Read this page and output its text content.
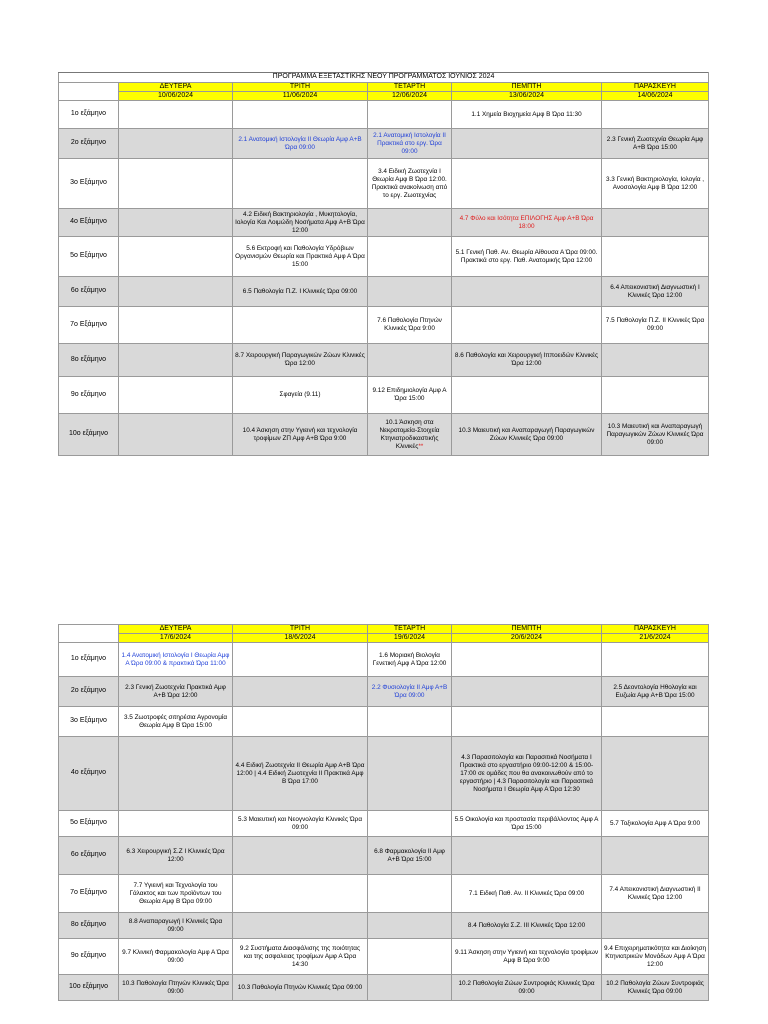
ΠΡΟΓΡΑΜΜΑ ΕΞΕΤΑΣΤΙΚΗΣ ΝΕΟΥ ΠΡΟΓΡΑΜΜΑΤΟΣ ΙΟΥΝΙΟΣ 2024					
	ΔΕΥΤΕΡΑ	ΤΡΙΤΗ	ΤΕΤΑΡΤΗ	ΠΕΜΠΤΗ	ΠΑΡΑΣΚΕΥΗ
	10/06/2024	11/06/2024	12/06/2024	13/06/2024	14/06/2024
1ο εξάμηνο				1.1 Χημεία Βιοχημεία Αμφ Β Ώρα 11:30	
2ο εξάμηνο		2.1 Ανατομική Ιστολογία ΙΙ Θεωρία Αμφ Α+Β Ώρα 09:00	2.1 Ανατομική Ιστολογία ΙΙ Πρακτικά στο εργ. Ώρα 09:00		2.3 Γενική Ζωοτεχνία Θεωρία Αμφ Α+Β Ώρα 15:00
3ο Εξάμηνο			3.4 Ειδική Ζωοτεχνία Ι Θεωρία Αμφ Β Ώρα 12:00. Πρακτικά ανακοίνωση από το εργ. Ζωοτεχνίας		3.3 Γενική Βακτηριολογία, Ιολογία , Ανοσολογία Αμφ Β Ώρα 12:00
4ο Εξάμηνο		4.2 Ειδική Βακτηριολογία , Μυκητολογία, Ιολογία Και Λοιμώδη Νοσήματα Αμφ Α+Β Ώρα 12:00		4.7 Φύλο και Ισότητα ΕΠΙΛΟΓΗΣ Αμφ Α+Β Ώρα 18:00	
5ο Εξάμηνο		5.6 Εκτροφή και Παθολογία Υδρόβιων Οργανισμών Θεωρία και Πρακτικά Αμφ Α Ώρα 15:00		5.1 Γενική Παθ. Αν. Θεωρία Αίθουσα Α Ώρα 09:00. Πρακτικά στο εργ. Παθ. Ανατομικής Ώρα 12:00	
6ο εξάμηνο		6.5 Παθολογία Π.Ζ. Ι Κλινικές Ώρα 09:00			6.4 Απεικονιστική Διαγνωστική Ι Κλινικές Ώρα 12:00
7ο Εξάμηνο			7.6 Παθολογία Πτηνών Κλινικές Ώρα 9:00		7.5 Παθολογία Π.Ζ. ΙΙ Κλινικές Ώρα 09:00
8ο εξάμηνο		8.7 Χειρουργική Παραγωγικών Ζώων Κλινικές Ώρα 12:00		8.6 Παθολογία και Χειρουργική Ιπποειδών Κλινικές Ώρα 12:00	
9ο εξάμηνο		Σφαγεία (9.11)	9.12 Επιδημιολογία Αμφ Α Ώρα 15:00		
10ο εξάμηνο		10.4 Άσκηση στην Υγιεινή και τεχνολογία τροφίμων ΖΠ Αμφ Α+Β Ώρα 9:00	10.1 Άσκηση στα Νεκροτομεία-Στοιχεία Κτηνιατροδικαστικής Κλινικές**	10.3 Μαιευτική και Αναπαραγωγή Παραγωγικών Ζώων Κλινικές Ώρα 09:00	10.3 Μαιευτική και Αναπαραγωγή Παραγωγικών Ζώων Κλινικές Ώρα 09:00
	ΔΕΥΤΕΡΑ	ΤΡΙΤΗ	ΤΕΤΑΡΤΗ	ΠΕΜΠΤΗ	ΠΑΡΑΣΚΕΥΗ
	17/6/2024	18/6/2024	19/6/2024	20/6/2024	21/6/2024
1ο εξάμηνο	1.4 Ανατομική Ιστολογία Ι Θεωρία Αμφ Α Ώρα 09:00 & πρακτικά Ώρα 11:00		1.6 Μοριακή Βιολογία Γενετική Αμφ Α Ώρα 12:00		
2ο εξάμηνο	2.3 Γενική Ζωοτεχνία Πρακτικά Αμφ Α+Β Ώρα 12:00		2.2 Φυσιολογία ΙΙ Αμφ Α+Β Ώρα 09:00		2.5 Δεοντολογία Ηθολογία και Ευζωία Αμφ Α+Β Ώρα 15:00
3ο Εξάμηνο	3.5 Ζωοτροφές σιτηρέσια Αγρονομία Θεωρία Αμφ Β Ώρα 15:00				
4ο εξάμηνο		4.4 Ειδική Ζωοτεχνία ΙΙ Θεωρία Αμφ Α+Β Ώρα 12:00 | 4.4 Ειδική Ζωοτεχνία ΙΙ Πρακτικά Αμφ Β Ώρα 17:00		4.3 Παρασιτολογία και Παρασιτικά Νοσήματα Ι Πρακτικά στο εργαστήριο 09:00-12:00 & 15:00-17:00 σε ομάδες που θα ανακοινωθούν από το εργαστήριο | 4.3 Παρασιτολογία και Παρασιτικά Νοσήματα Ι Θεωρία Αμφ Α Ώρα 12:30	
5ο Εξάμηνο		5.3 Μαιευτική και Νεογνολογία Κλινικές Ώρα 09:00		5.5 Οικολογία και προστασία περιβάλλοντος Αμφ Α Ώρα 15:00	5.7 Τοξικολογία Αμφ Α Ώρα 9:00
6ο εξάμηνο	6.3 Χειρουργική Σ.Ζ Ι Κλινικές Ώρα 12:00		6.8 Φαρμακολογία ΙΙ Αμφ Α+Β Ώρα 15:00		
7ο Εξάμηνο	7.7 Υγιεινή και Τεχνολογία του Γάλακτος και των προϊόντων του Θεωρία Αμφ Β Ώρα 09:00			7.1 Ειδική Παθ. Αν. ΙΙ Κλινικές Ώρα 09:00	7.4 Απεικονιστική Διαγνωστική ΙΙ Κλινικές Ώρα 12:00
8ο εξάμηνο	8.8 Αναπαραγωγή Ι Κλινικές Ώρα 09:00			8.4 Παθολογία Σ.Ζ. ΙΙΙ Κλινικές Ώρα 12:00	
9ο εξάμηνο	9.7 Κλινική Φαρμακολογία Αμφ Α Ώρα 09:00	9.2 Συστήματα Διασφάλισης της ποιότητας και της ασφαλειας τροφίμων Αμφ Α Ώρα 14:30		9.11 Άσκηση στην Υγιεινή και τεχνολογία τροφίμων Αμφ Β Ώρα 9:00	9.4 Επιχειρηματικότητα και Διοίκηση Κτηνιατρικών Μονάδων Αμφ Α Ώρα 12:00
10ο εξάμηνο	10.3 Παθολογία Πτηνών Κλινικές Ώρα 09:00	10.3 Παθολογία Πτηνών Κλινικές Ώρα 09:00		10.2 Παθολογία Ζώων Συντροφιάς Κλινικές Ώρα 09:00	10.2 Παθολογία Ζώων Συντροφιάς Κλινικές Ώρα 09:00
